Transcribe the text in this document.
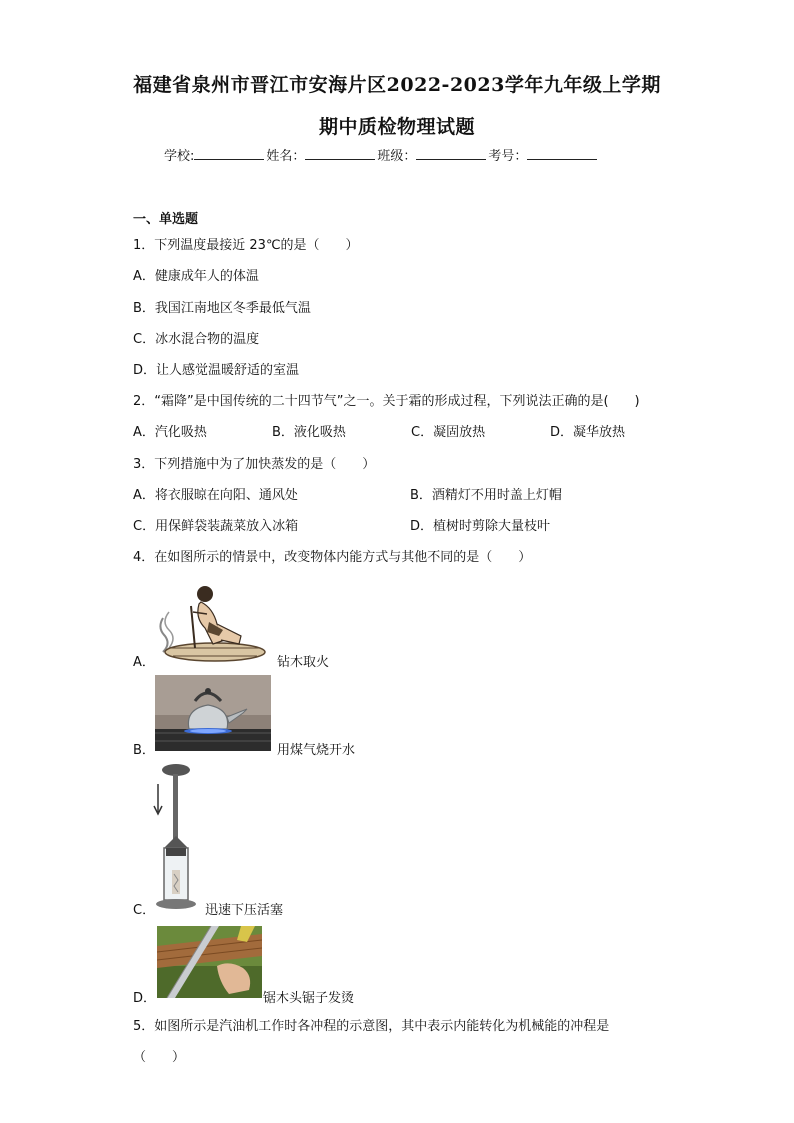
福建省泉州市晋江市安海片区2022-2023学年九年级上学期
期中质检物理试题
学校:	姓名：	班级：	考号：
一、单选题
1．下列温度最接近 23℃的是（　　）
A．健康成年人的体温
B．我国江南地区冬季最低气温
C．冰水混合物的温度
D．让人感觉温暖舒适的室温
2．“霜降”是中国传统的二十四节气”之一。关于霜的形成过程，下列说法正确的是(　　)
A．汽化吸热	B．液化吸热	C．凝固放热	D．凝华放热
3．下列措施中为了加快蒸发的是（　　）
A．将衣服晾在向阳、通风处	B．酒精灯不用时盖上灯帽
C．用保鲜袋装蔬菜放入冰箱	D．植树时剪除大量枝叶
4．在如图所示的情景中，改变物体内能方式与其他不同的是（　　）
A．	钻木取火
B．	用煤气烧开水
C．	迅速下压活塞
D．	锯木头锯子发烫
5．如图所示是汽油机工作时各冲程的示意图，其中表示内能转化为机械能的冲程是
（　　）
